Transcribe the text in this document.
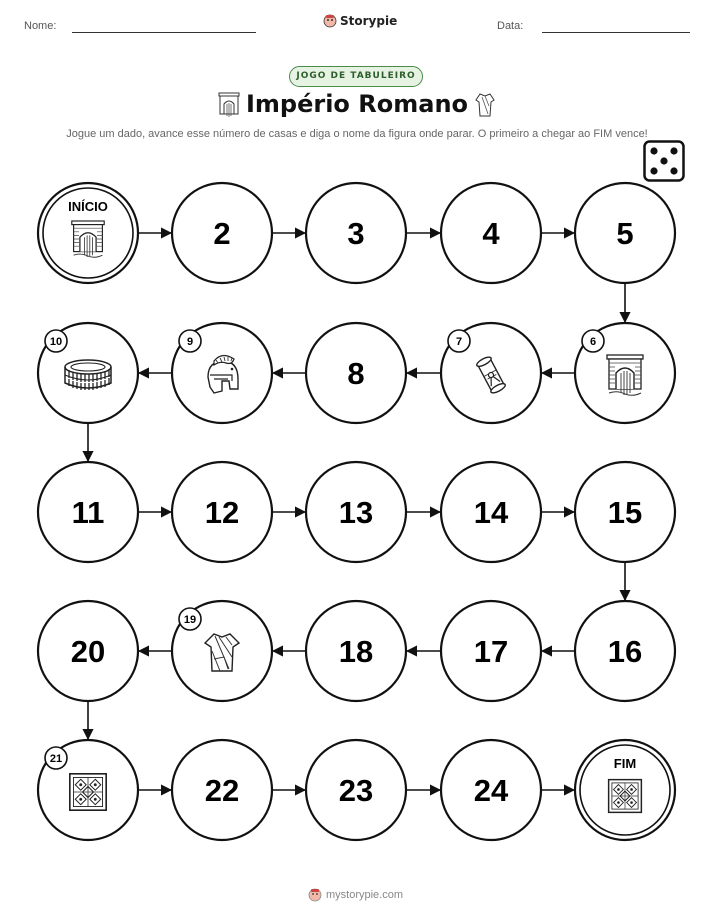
Nome:	Storypie	Data:
JOGO DE TABULEIRO
Império Romano
Jogue um dado, avance esse número de casas e diga o nome da figura onde parar. O primeiro a chegar ao FIM vence!
INÍCIO
2	3	4	5
6
7
8
9
10
11	12	13	14	15
16
17
18
19
20
21
22	23	24
FIM
mystorypie.com
